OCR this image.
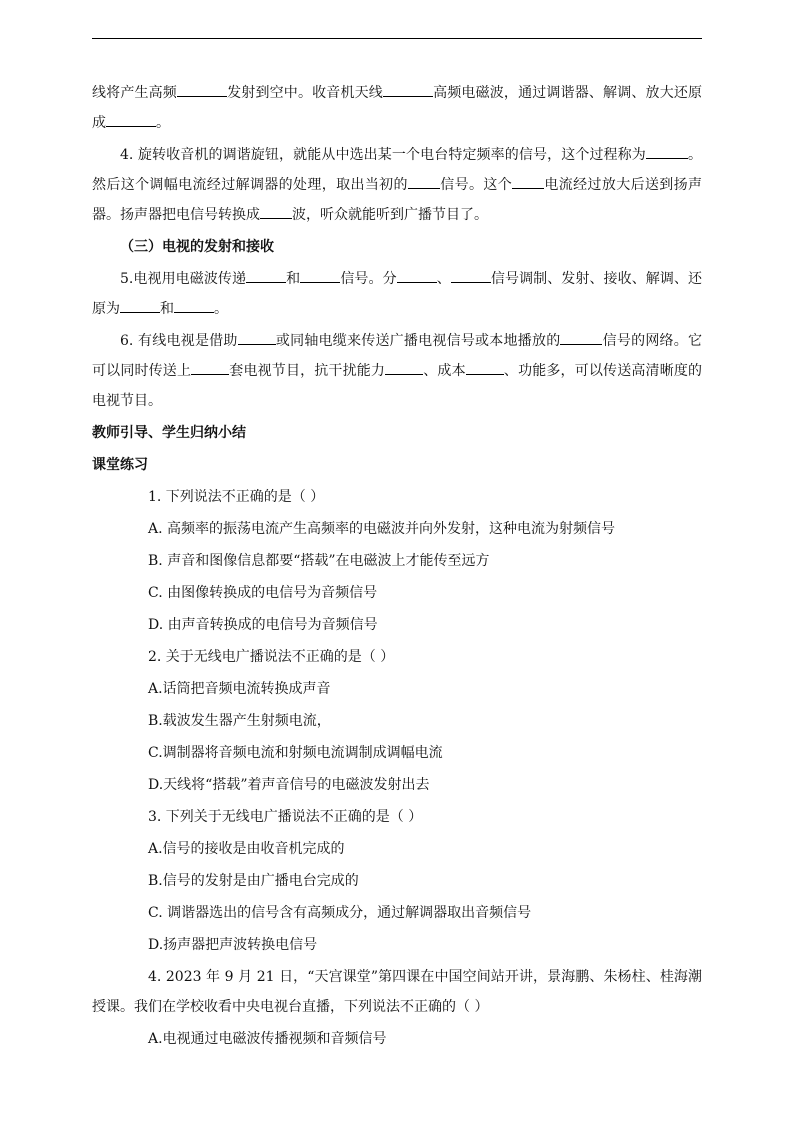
线将产生高频	发射到空中。收音机天线	高频电磁波，通过调谐器、解调、放大还原成	。

4. 旋转收音机的调谐旋钮，就能从中选出某一个电台特定频率的信号，这个过程称为	。然后这个调幅电流经过解调器的处理，取出当初的 信号。这个 电流经过放大后送到扬声器。扬声器把电信号转换成 波，听众就能听到广播节目了。

（三）电视的发射和接收

5.电视用电磁波传递	和	信号。分	、	信号调制、发射、接收、解调、还原为	和	。

6. 有线电视是借助	或同轴电缆来传送广播电视信号或本地播放的	信号的网络。它可以同时传送上	套电视节目，抗干扰能力	、成本	、功能多，可以传送高清晰度的电视节目。

教师引导、学生归纳小结

课堂练习

1. 下列说法不正确的是（ ）
A. 高频率的振荡电流产生高频率的电磁波并向外发射，这种电流为射频信号
B. 声音和图像信息都要“搭载”在电磁波上才能传至远方
C. 由图像转换成的电信号为音频信号
D. 由声音转换成的电信号为音频信号
2. 关于无线电广播说法不正确的是（ ）
A.话筒把音频电流转换成声音
B.载波发生器产生射频电流，
C.调制器将音频电流和射频电流调制成调幅电流
D.天线将“搭载”着声音信号的电磁波发射出去
3. 下列关于无线电广播说法不正确的是（ ）
A.信号的接收是由收音机完成的
B.信号的发射是由广播电台完成的
C. 调谐器选出的信号含有高频成分，通过解调器取出音频信号
D.扬声器把声波转换电信号

4. 2023 年 9 月 21 日，“天宫课堂”第四课在中国空间站开讲，景海鹏、朱杨柱、桂海潮授课。我们在学校收看中央电视台直播，下列说法不正确的（ ）

A.电视通过电磁波传播视频和音频信号
